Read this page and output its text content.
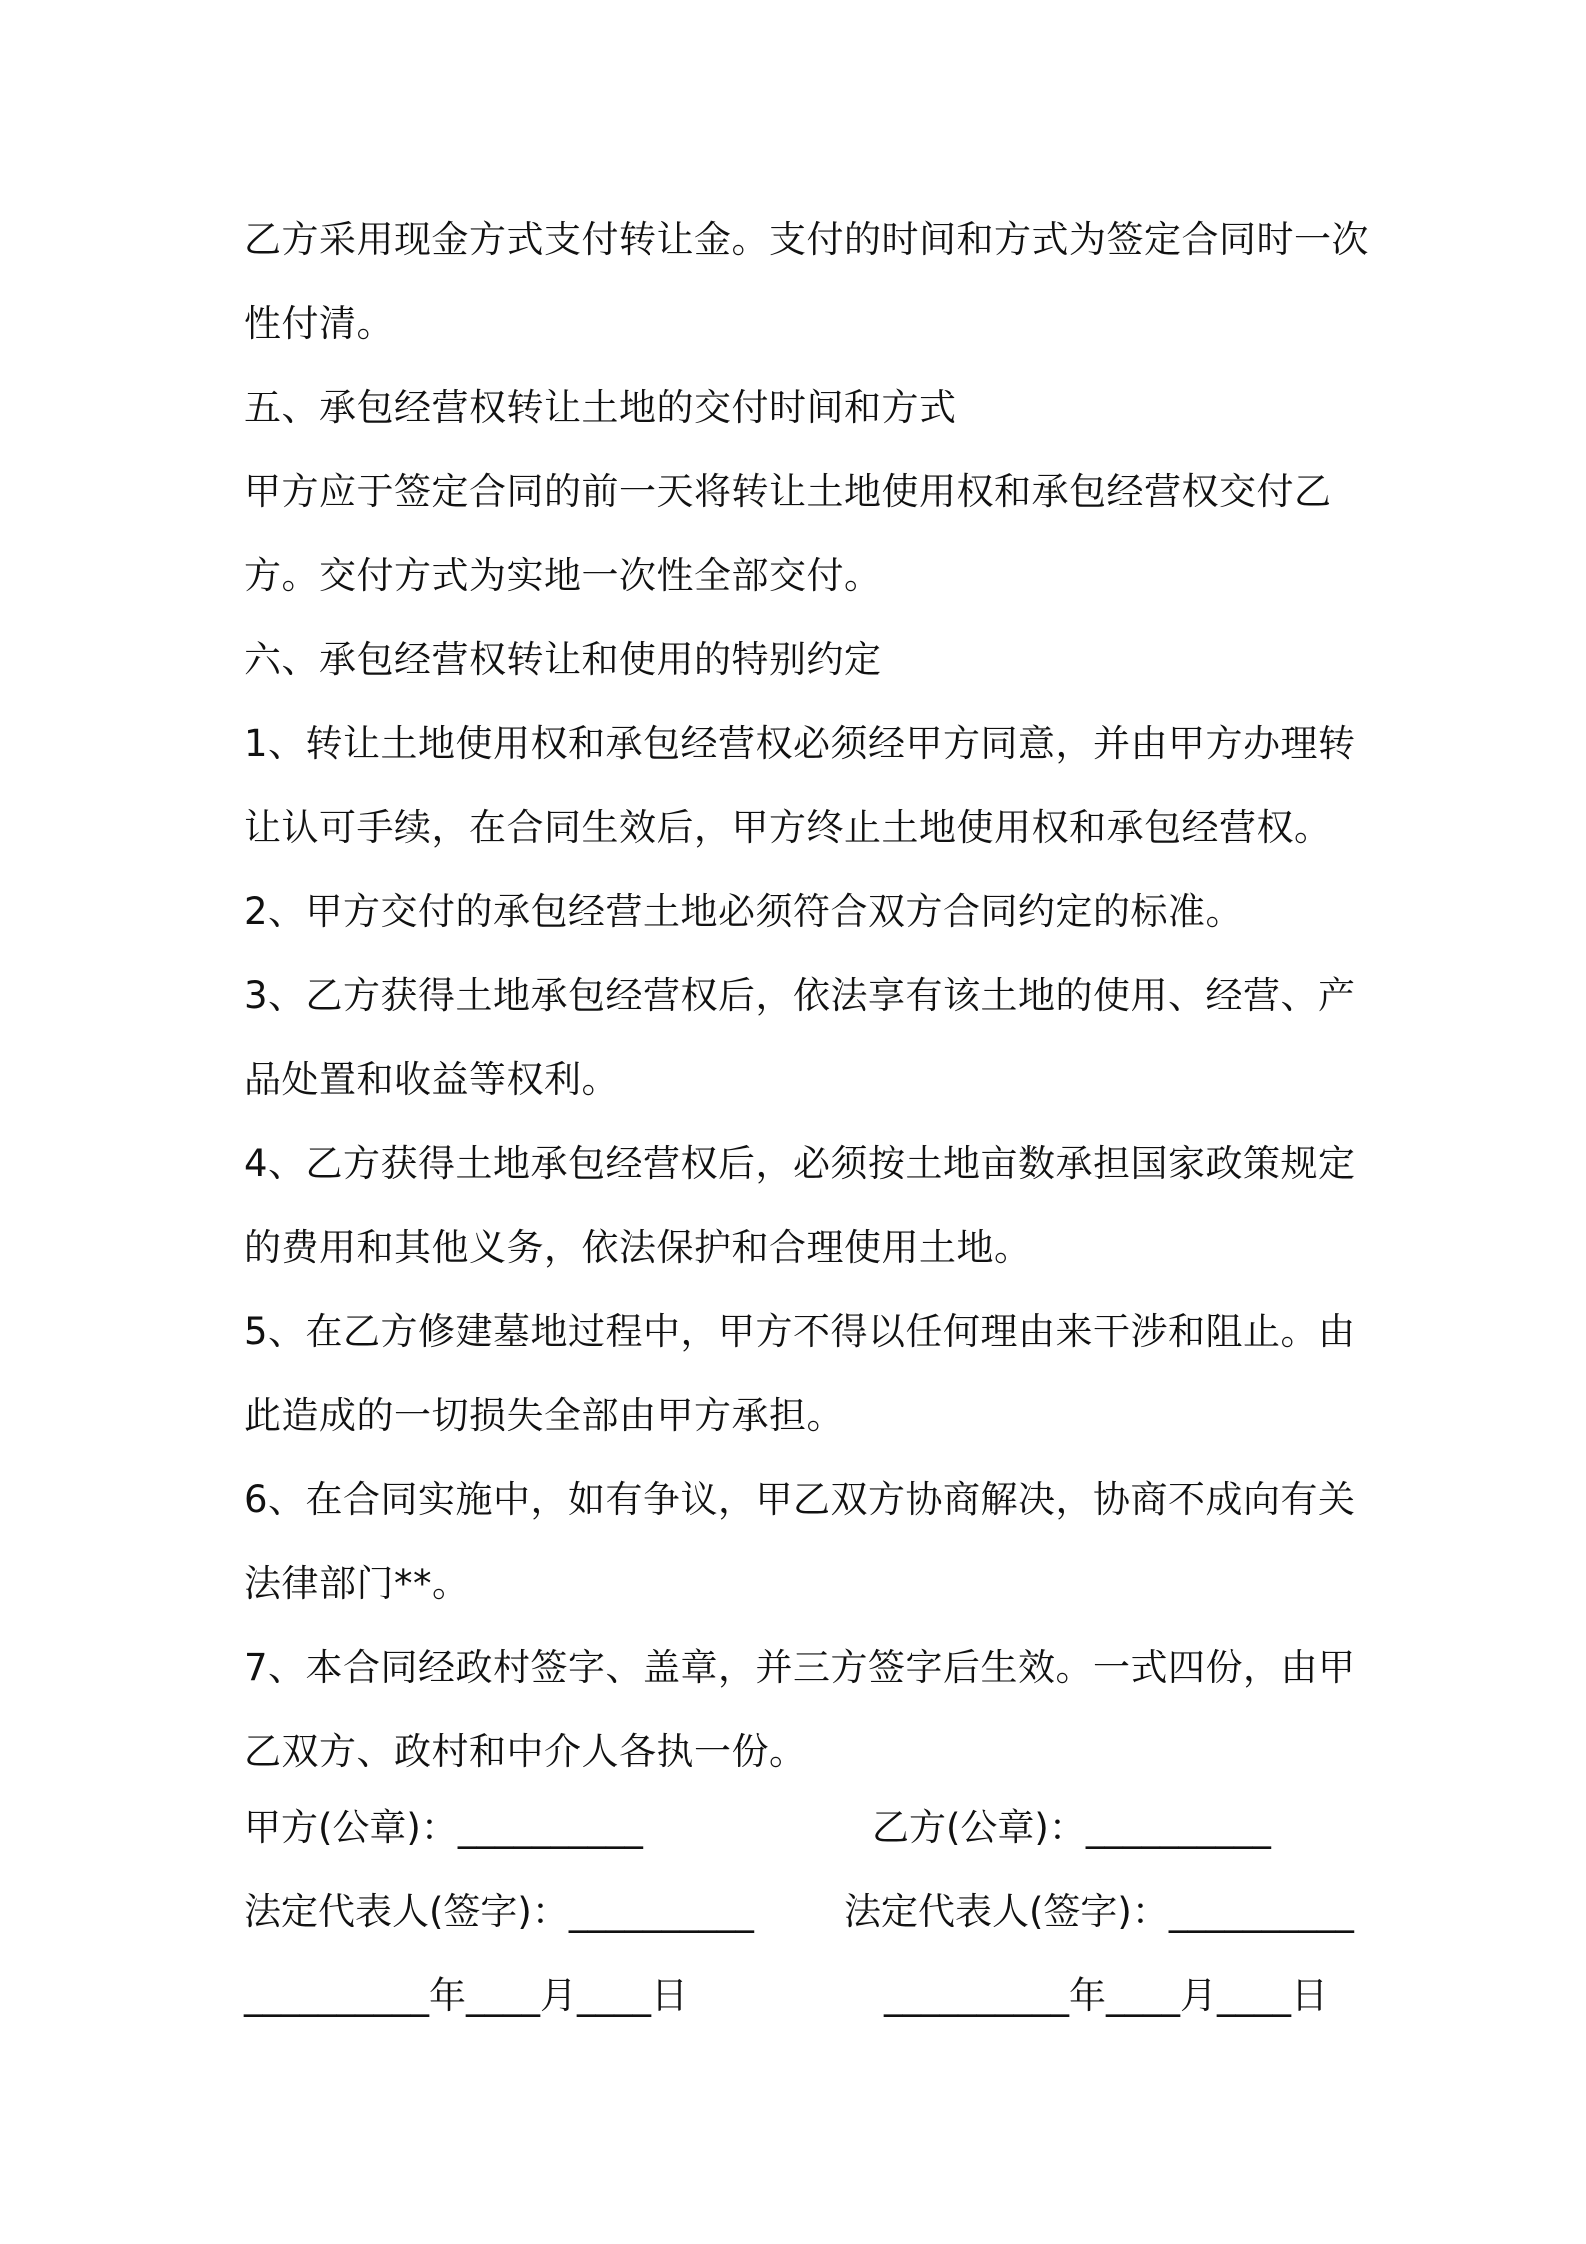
乙方采用现金方式支付转让金。支付的时间和方式为签定合同时一次
性付清。
五、承包经营权转让土地的交付时间和方式
甲方应于签定合同的前一天将转让土地使用权和承包经营权交付乙
方。交付方式为实地一次性全部交付。
六、承包经营权转让和使用的特别约定
1、转让土地使用权和承包经营权必须经甲方同意，并由甲方办理转
让认可手续，在合同生效后，甲方终止土地使用权和承包经营权。
2、甲方交付的承包经营土地必须符合双方合同约定的标准。
3、乙方获得土地承包经营权后，依法享有该土地的使用、经营、产
品处置和收益等权利。
4、乙方获得土地承包经营权后，必须按土地亩数承担国家政策规定
的费用和其他义务，依法保护和合理使用土地。
5、在乙方修建墓地过程中，甲方不得以任何理由来干涉和阻止。由
此造成的一切损失全部由甲方承担。
6、在合同实施中，如有争议，甲乙双方协商解决，协商不成向有关
法律部门**。
7、本合同经政村签字、盖章，并三方签字后生效。一式四份，由甲
乙双方、政村和中介人各执一份。
甲方(公章)：__________	乙方(公章)：__________
法定代表人(签字)：__________ 法定代表人(签字)：__________
__________年____月____日	__________年____月____日
